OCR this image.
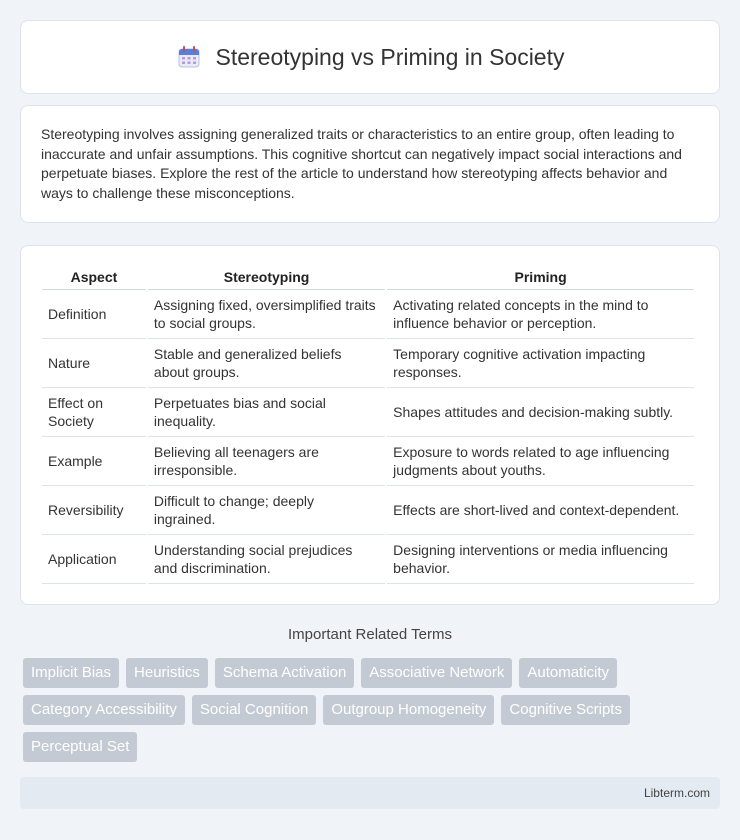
Stereotyping vs Priming in Society

Stereotyping involves assigning generalized traits or characteristics to an entire group, often leading to inaccurate and unfair assumptions. This cognitive shortcut can negatively impact social interactions and perpetuate biases. Explore the rest of the article to understand how stereotyping affects behavior and ways to challenge these misconceptions.

Aspect	Stereotyping	Priming
Definition	Assigning fixed, oversimplified traits to social groups.	Activating related concepts in the mind to influence behavior or perception.
Nature	Stable and generalized beliefs about groups.	Temporary cognitive activation impacting responses.
Effect on Society	Perpetuates bias and social inequality.	Shapes attitudes and decision-making subtly.
Example	Believing all teenagers are irresponsible.	Exposure to words related to age influencing judgments about youths.
Reversibility	Difficult to change; deeply ingrained.	Effects are short-lived and context-dependent.
Application	Understanding social prejudices and discrimination.	Designing interventions or media influencing behavior.
Important Related Terms
Implicit Bias	Heuristics	Schema Activation	Associative Network	Automaticity
Category Accessibility	Social Cognition	Outgroup Homogeneity	Cognitive Scripts
Perceptual Set
Libterm.com
